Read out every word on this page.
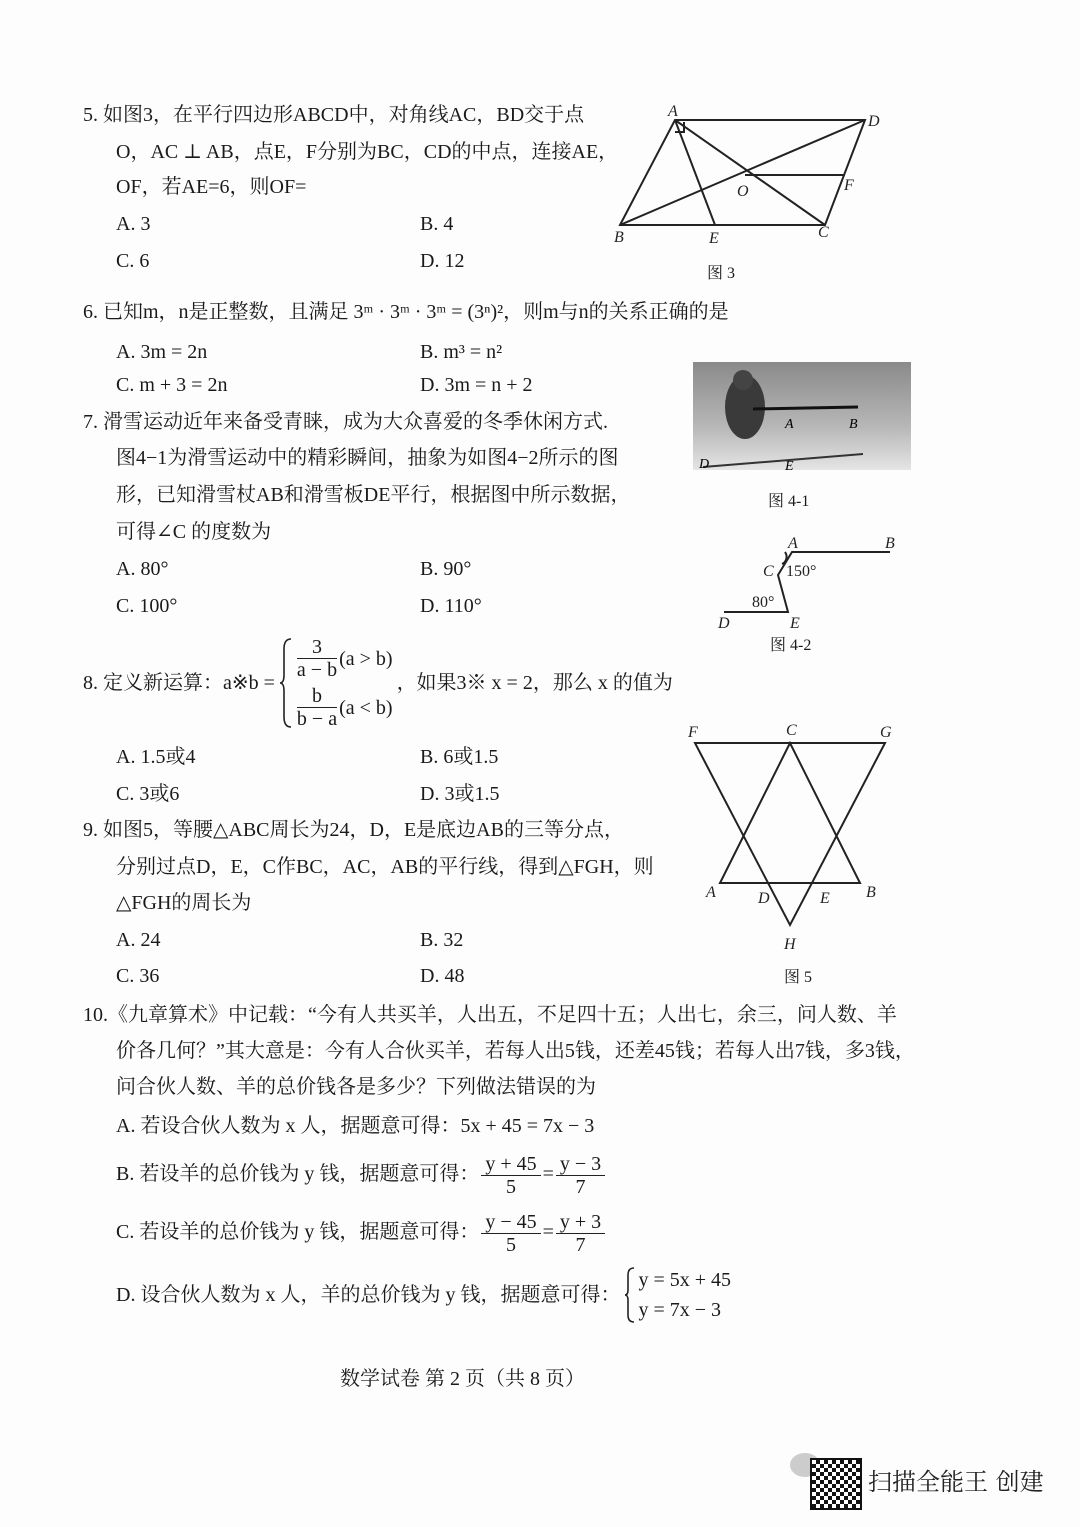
5. 如图3，在平行四边形ABCD中，对角线AC，BD交于点
O，AC ⊥ AB，点E，F分别为BC，CD的中点，连接AE，
OF，若AE=6，则OF=
A. 3	B. 4
C. 6	D. 12
A
D
B	E	C
F
O
图 3
6. 已知m，n是正整数，且满足 3ᵐ · 3ᵐ · 3ᵐ = (3ⁿ)²，则m与n的关系正确的是
A. 3m = 2n	B. m³ = n²
C. m + 3 = 2n	D. 3m = n + 2
7. 滑雪运动近年来备受青睐，成为大众喜爱的冬季休闲方式.
图4−1为滑雪运动中的精彩瞬间，抽象为如图4−2所示的图
形，已知滑雪杖AB和滑雪板DE平行，根据图中所示数据，
可得∠C 的度数为
A. 80°	B. 90°
C. 100°	D. 110°
A	B
D	E
图 4-1
A	B
C 150°
80°
D	E
图 4-2
8. 定义新运算：a※b =
$\frac{3}{a - b} (a > b)$
$\frac{b}{b - a} (a < b)$
，如果3※ x = 2，那么 x 的值为
A. 1.5或4	B. 6或1.5
C. 3或6	D. 3或1.5
9. 如图5，等腰△ABC周长为24，D，E是底边AB的三等分点，
分别过点D，E，C作BC，AC，AB的平行线，得到△FGH，则
△FGH的周长为
A. 24	B. 32
C. 36	D. 48
F	C	G
A	D	E B
H
图 5
10.《九章算术》中记载：“今有人共买羊，人出五，不足四十五；人出七，余三，问人数、羊
价各几何？”其大意是：今有人合伙买羊，若每人出5钱，还差45钱；若每人出7钱，多3钱，
问合伙人数、羊的总价钱各是多少？下列做法错误的为
A. 若设合伙人数为 x 人，据题意可得：5x + 45 = 7x − 3
B. 若设羊的总价钱为 y 钱，据题意可得： $\frac{y + 45}{5} = \frac{y - 3}{7}$
C. 若设羊的总价钱为 y 钱，据题意可得： $\frac{y - 45}{5} = \frac{y + 3}{7}$
D. 设合伙人数为 x 人，羊的总价钱为 y 钱，据题意可得：
y = 5x + 45
y = 7x − 3
数学试卷 第 2 页（共 8 页）
扫描全能王 创建
